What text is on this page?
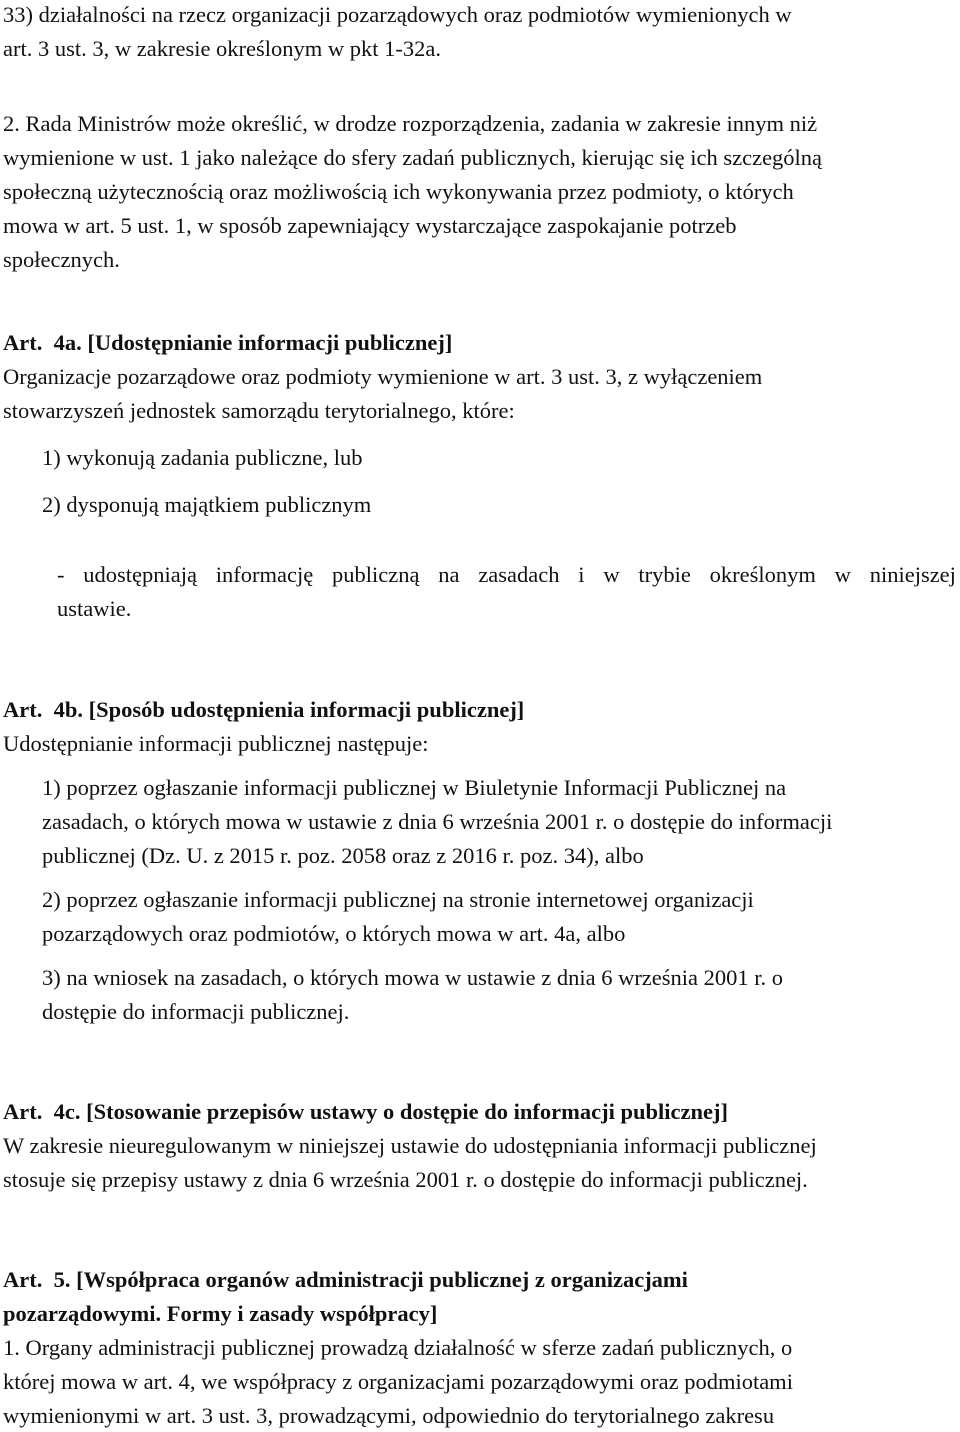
33) działalności na rzecz organizacji pozarządowych oraz podmiotów wymienionych w
art. 3 ust. 3, w zakresie określonym w pkt 1-32a.
2. Rada Ministrów może określić, w drodze rozporządzenia, zadania w zakresie innym niż
wymienione w ust. 1 jako należące do sfery zadań publicznych, kierując się ich szczególną
społeczną użytecznością oraz możliwością ich wykonywania przez podmioty, o których
mowa w art. 5 ust. 1, w sposób zapewniający wystarczające zaspokajanie potrzeb
społecznych.
Art.  4a. [Udostępnianie informacji publicznej]
Organizacje pozarządowe oraz podmioty wymienione w art. 3 ust. 3, z wyłączeniem
stowarzyszeń jednostek samorządu terytorialnego, które:
1) wykonują zadania publiczne, lub
2) dysponują majątkiem publicznym
- udostępniają informację publiczną na zasadach i w trybie określonym w niniejszej
ustawie.
Art.  4b. [Sposób udostępnienia informacji publicznej]
Udostępnianie informacji publicznej następuje:
1) poprzez ogłaszanie informacji publicznej w Biuletynie Informacji Publicznej na
zasadach, o których mowa w ustawie z dnia 6 września 2001 r. o dostępie do informacji
publicznej (Dz. U. z 2015 r. poz. 2058 oraz z 2016 r. poz. 34), albo
2) poprzez ogłaszanie informacji publicznej na stronie internetowej organizacji
pozarządowych oraz podmiotów, o których mowa w art. 4a, albo
3) na wniosek na zasadach, o których mowa w ustawie z dnia 6 września 2001 r. o
dostępie do informacji publicznej.
Art.  4c. [Stosowanie przepisów ustawy o dostępie do informacji publicznej]
W zakresie nieuregulowanym w niniejszej ustawie do udostępniania informacji publicznej
stosuje się przepisy ustawy z dnia 6 września 2001 r. o dostępie do informacji publicznej.
Art.  5. [Współpraca organów administracji publicznej z organizacjami
pozarządowymi. Formy i zasady współpracy]
1. Organy administracji publicznej prowadzą działalność w sferze zadań publicznych, o
której mowa w art. 4, we współpracy z organizacjami pozarządowymi oraz podmiotami
wymienionymi w art. 3 ust. 3, prowadzącymi, odpowiednio do terytorialnego zakresu
